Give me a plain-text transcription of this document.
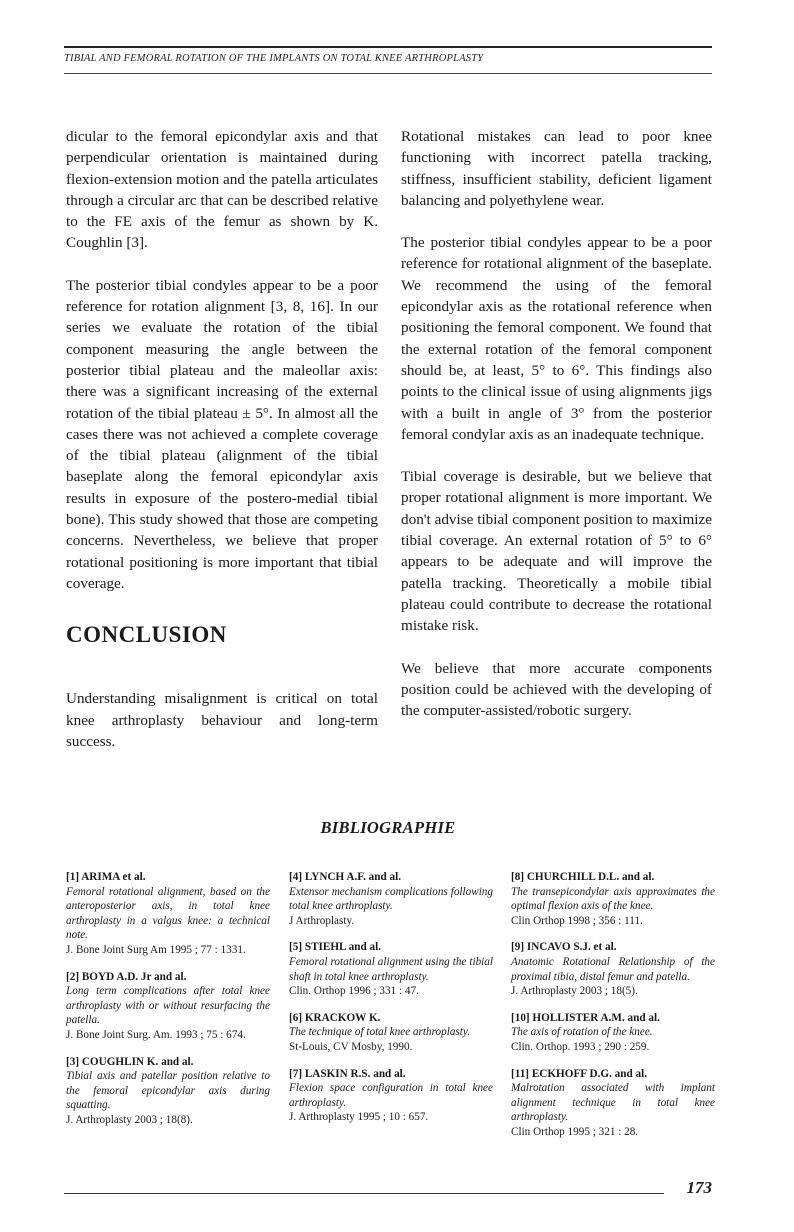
TIBIAL AND FEMORAL ROTATION OF THE IMPLANTS ON TOTAL KNEE ARTHROPLASTY

dicular to the femoral epicondylar axis and that perpendicular orientation is maintained during flexion-extension motion and the patella articulates through a circular arc that can be described relative to the FE axis of the femur as shown by K. Coughlin [3].

The posterior tibial condyles appear to be a poor reference for rotation alignment [3, 8, 16]. In our series we evaluate the rotation of the tibial component measuring the angle between the posterior tibial plateau and the maleollar axis: there was a significant increasing of the external rotation of the tibial plateau ± 5°. In almost all the cases there was not achieved a complete coverage of the tibial plateau (alignment of the tibial baseplate along the femoral epicondylar axis results in exposure of the postero-medial tibial bone). This study showed that those are competing concerns. Nevertheless, we believe that proper rotational positioning is more important that tibial coverage.

CONCLUSION

Understanding misalignment is critical on total knee arthroplasty behaviour and long-term success.

Rotational mistakes can lead to poor knee functioning with incorrect patella tracking, stiffness, insufficient stability, deficient ligament balancing and polyethylene wear.

The posterior tibial condyles appear to be a poor reference for rotational alignment of the baseplate. We recommend the using of the femoral epicondylar axis as the rotational reference when positioning the femoral component. We found that the external rotation of the femoral component should be, at least, 5° to 6°. This findings also points to the clinical issue of using alignments jigs with a built in angle of 3° from the posterior femoral condylar axis as an inadequate technique.

Tibial coverage is desirable, but we believe that proper rotational alignment is more important. We don't advise tibial component position to maximize tibial coverage. An external rotation of 5° to 6° appears to be adequate and will improve the patella tracking. Theoretically a mobile tibial plateau could contribute to decrease the rotational mistake risk.

We believe that more accurate components position could be achieved with the developing of the computer-assisted/robotic surgery.

BIBLIOGRAPHIE
[1] ARIMA et al.
Femoral rotational alignment, based on the anteroposterior axis, in total knee arthroplasty in a valgus knee: a technical note.
J. Bone Joint Surg Am 1995 ; 77 : 1331.
[2] BOYD A.D. Jr and al.
Long term complications after total knee arthroplasty with or without resurfacing the patella.
J. Bone Joint Surg. Am. 1993 ; 75 : 674.
[3] COUGHLIN K. and al.
Tibial axis and patellar position relative to the femoral epicondylar axis during squatting.
J. Arthroplasty 2003 ; 18(8).
[4] LYNCH A.F. and al.
Extensor mechanism complications following total knee arthroplasty.
J Arthroplasty.
[5] STIEHL and al.
Femoral rotational alignment using the tibial shaft in total knee arthroplasty.
Clin. Orthop 1996 ; 331 : 47.
[6] KRACKOW K.
The technique of total knee arthroplasty.
St-Louis, CV Mosby, 1990.
[7] LASKIN R.S. and al.
Flexion space configuration in total knee arthroplasty.
J. Arthroplasty 1995 ; 10 : 657.
[8] CHURCHILL D.L. and al.
The transepicondylar axis approximates the optimal flexion axis of the knee.
Clin Orthop 1998 ; 356 : 111.
[9] INCAVO S.J. et al.
Anatomic Rotational Relationship of the proximal tibia, distal femur and patella.
J. Arthroplasty 2003 ; 18(5).
[10] HOLLISTER A.M. and al.
The axis of rotation of the knee.
Clin. Orthop. 1993 ; 290 : 259.
[11] ECKHOFF D.G. and al.
Malrotation associated with implant alignment technique in total knee arthroplasty.
Clin Orthop 1995 ; 321 : 28.
173
